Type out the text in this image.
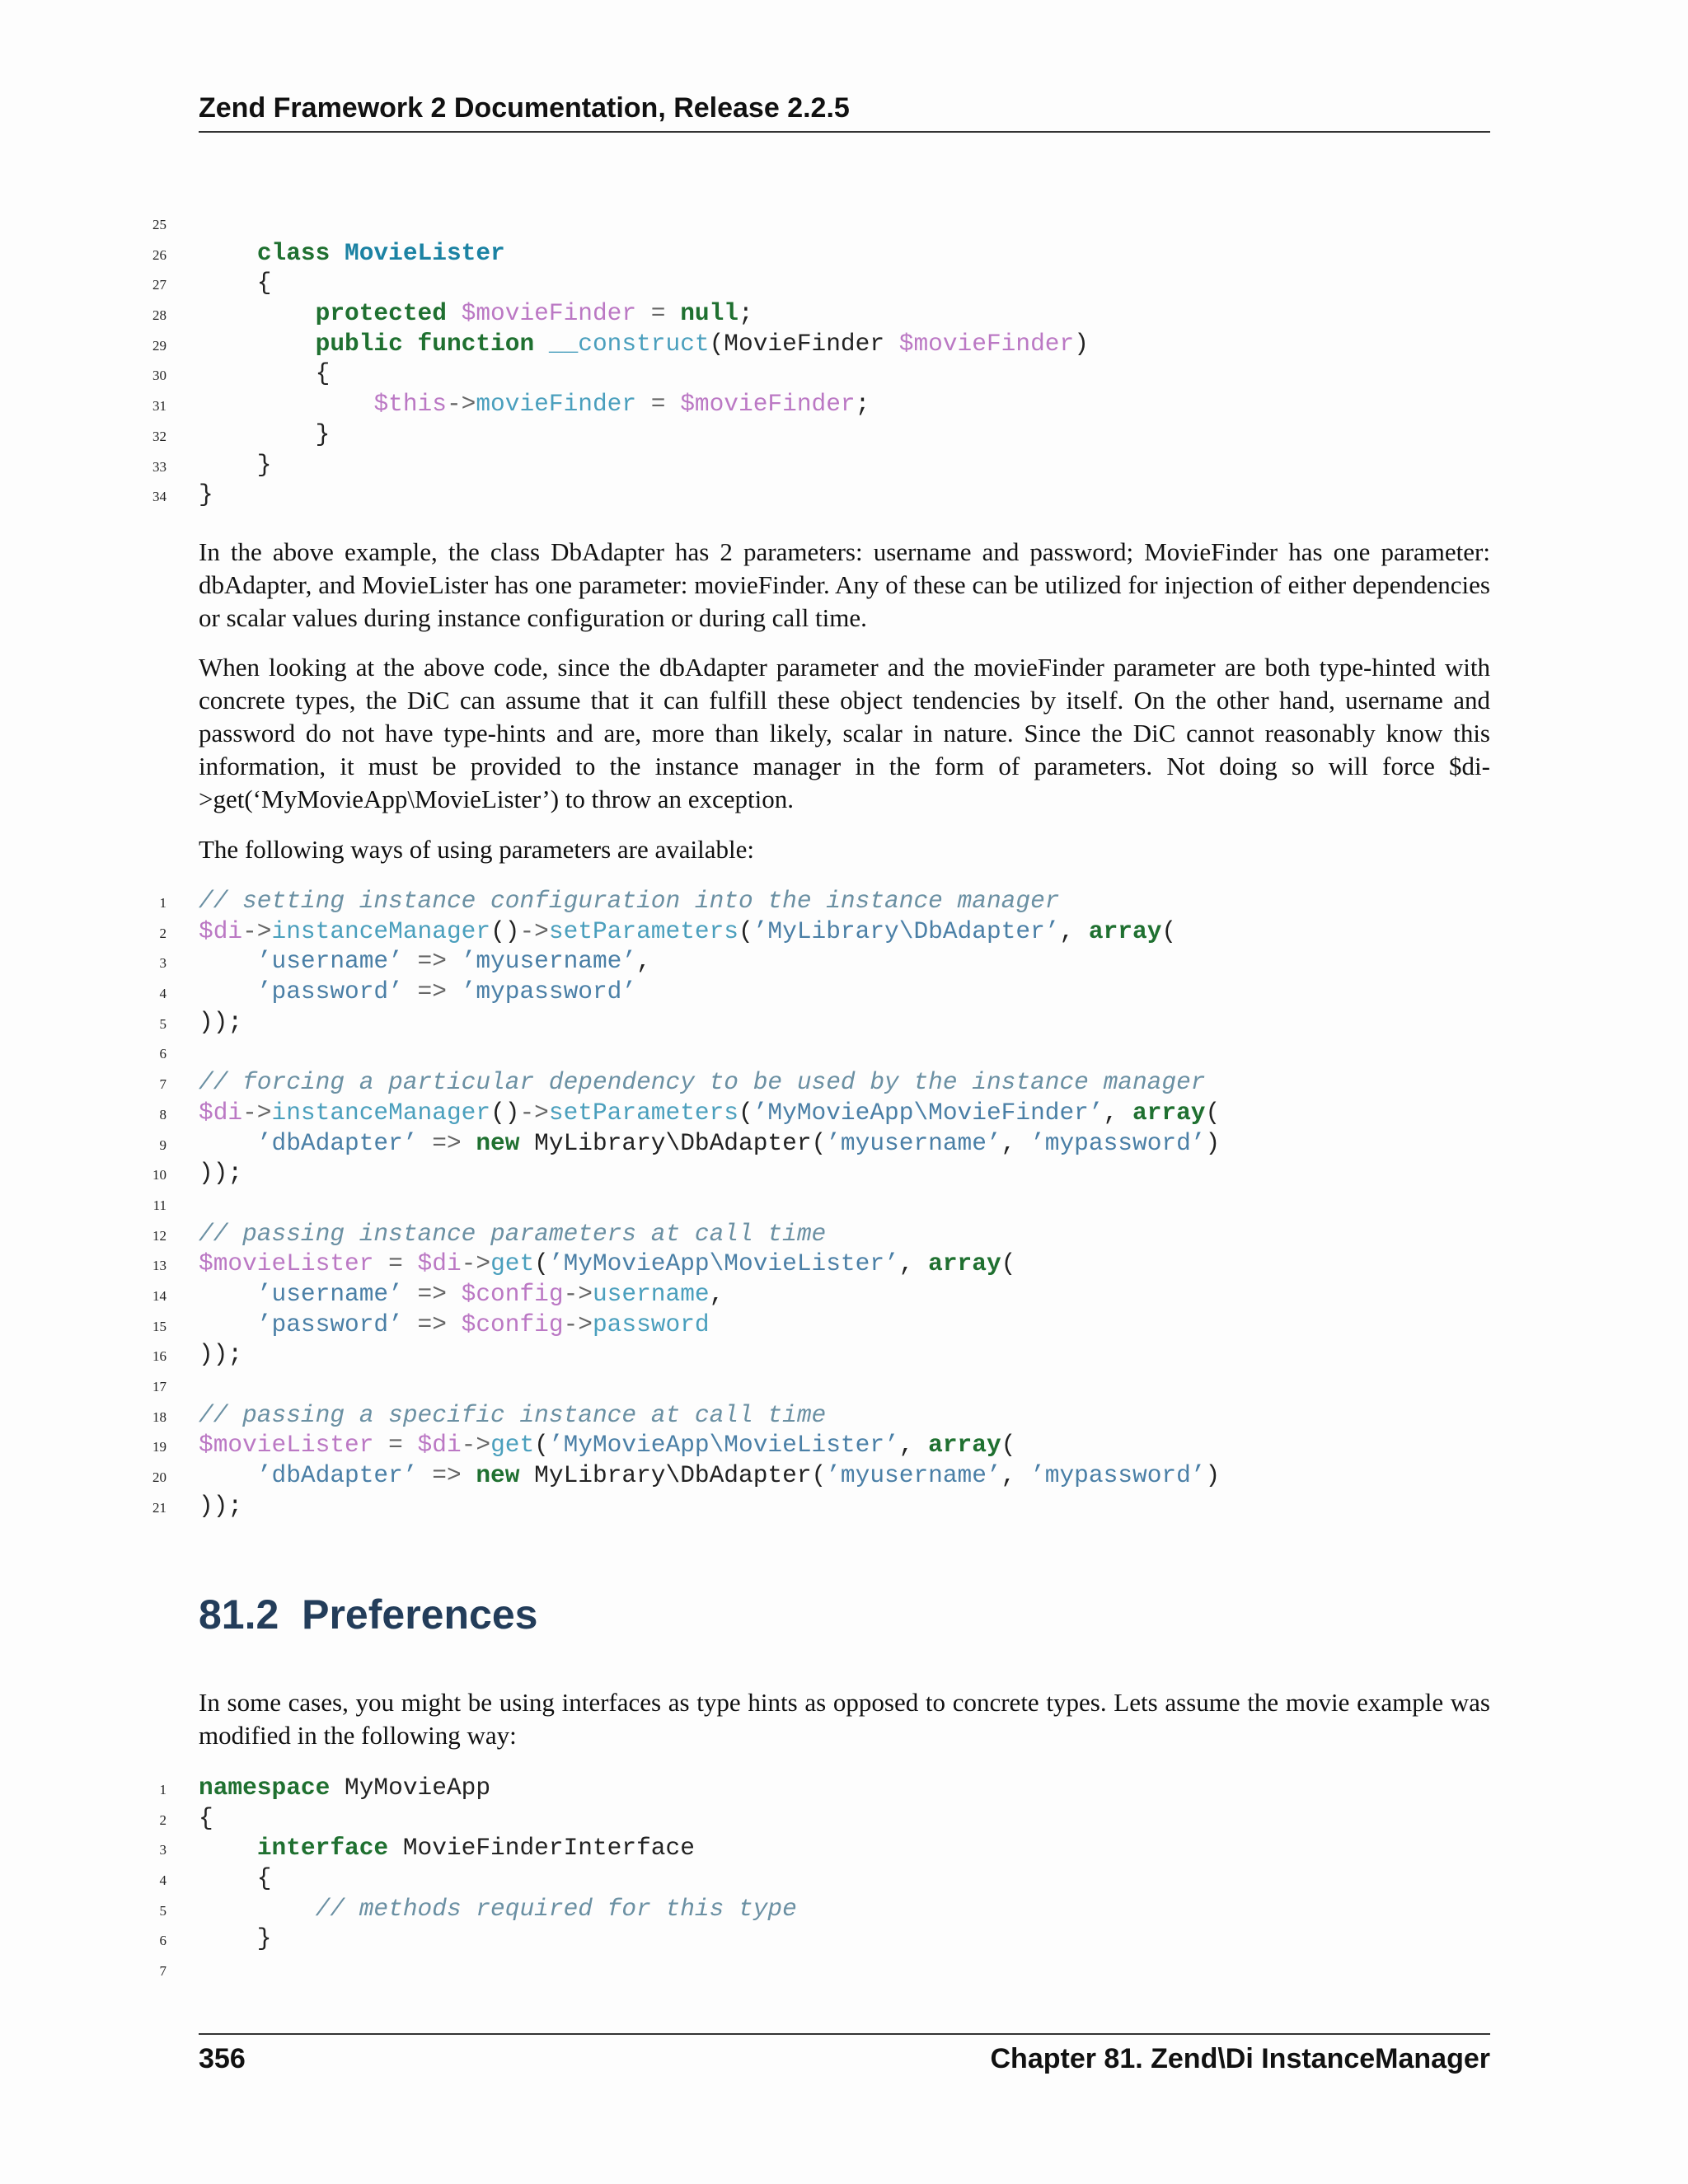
Zend Framework 2 Documentation, Release 2.2.5
25
26	class MovieLister
27 {
28	protected $movieFinder = null;
29	public function __construct(MovieFinder $movieFinder)
30 {
31	$this->movieFinder = $movieFinder;
32 }
33 }
34 }

In the above example, the class DbAdapter has 2 parameters: username and password; MovieFinder has one parameter: dbAdapter, and MovieLister has one parameter: movieFinder. Any of these can be utilized for injection of either dependencies or scalar values during instance configuration or during call time.

When looking at the above code, since the dbAdapter parameter and the movieFinder parameter are both type-hinted with concrete types, the DiC can assume that it can fulfill these object tendencies by itself. On the other hand, username and password do not have type-hints and are, more than likely, scalar in nature. Since the DiC cannot reasonably know this information, it must be provided to the instance manager in the form of parameters. Not doing so will force $di->get(‘MyMovieApp\MovieLister’) to throw an exception.

The following ways of using parameters are available:

1 // setting instance configuration into the instance manager
2 $di->instanceManager()->setParameters(’MyLibrary\DbAdapter’, array(
3	’username’ => ’myusername’,
4	’password’ => ’mypassword’
5 ));
6
7 // forcing a particular dependency to be used by the instance manager
8 $di->instanceManager()->setParameters(’MyMovieApp\MovieFinder’, array(
9	’dbAdapter’ => new MyLibrary\DbAdapter(’myusername’, ’mypassword’)
10 ));
11
12 // passing instance parameters at call time
13 $movieLister = $di->get(’MyMovieApp\MovieLister’, array(
14	’username’ => $config->username,
15	’password’ => $config->password
16 ));
17
18 // passing a specific instance at call time
19 $movieLister = $di->get(’MyMovieApp\MovieLister’, array(
20	’dbAdapter’ => new MyLibrary\DbAdapter(’myusername’, ’mypassword’)
21 ));
81.2 Preferences

In some cases, you might be using interfaces as type hints as opposed to concrete types. Lets assume the movie example was modified in the following way:

1 namespace MyMovieApp
2 {
3	interface MovieFinderInterface
4 {
5	// methods required for this type
6 }
7
356	Chapter 81. Zend\Di InstanceManager
